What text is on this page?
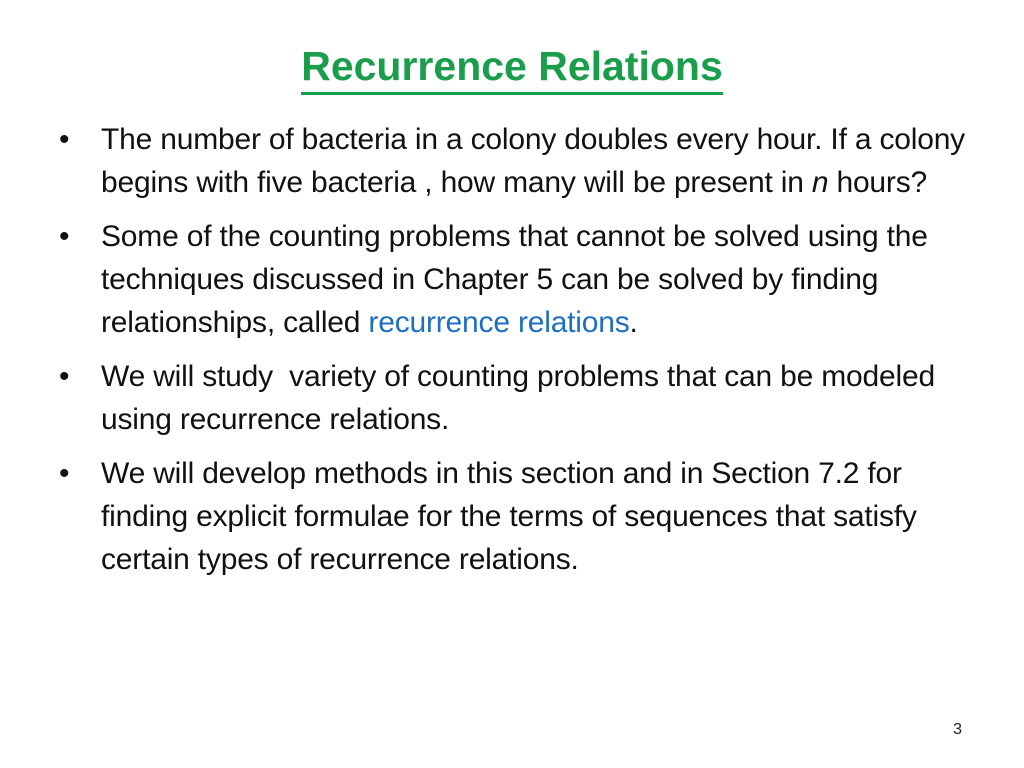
Recurrence Relations
• The number of bacteria in a colony doubles every hour. If a colony begins with five bacteria , how many will be present in n hours?
• Some of the counting problems that cannot be solved using the techniques discussed in Chapter 5 can be solved by finding relationships, called recurrence relations.
• We will study  variety of counting problems that can be modeled using recurrence relations.
• We will develop methods in this section and in Section 7.2 for finding explicit formulae for the terms of sequences that satisfy certain types of recurrence relations.
3
